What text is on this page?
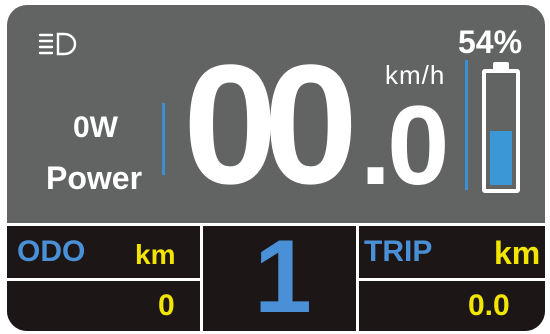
54%
km/h
0W
Power 00 .0
ODO km
0 1 TRIP km
0.0
